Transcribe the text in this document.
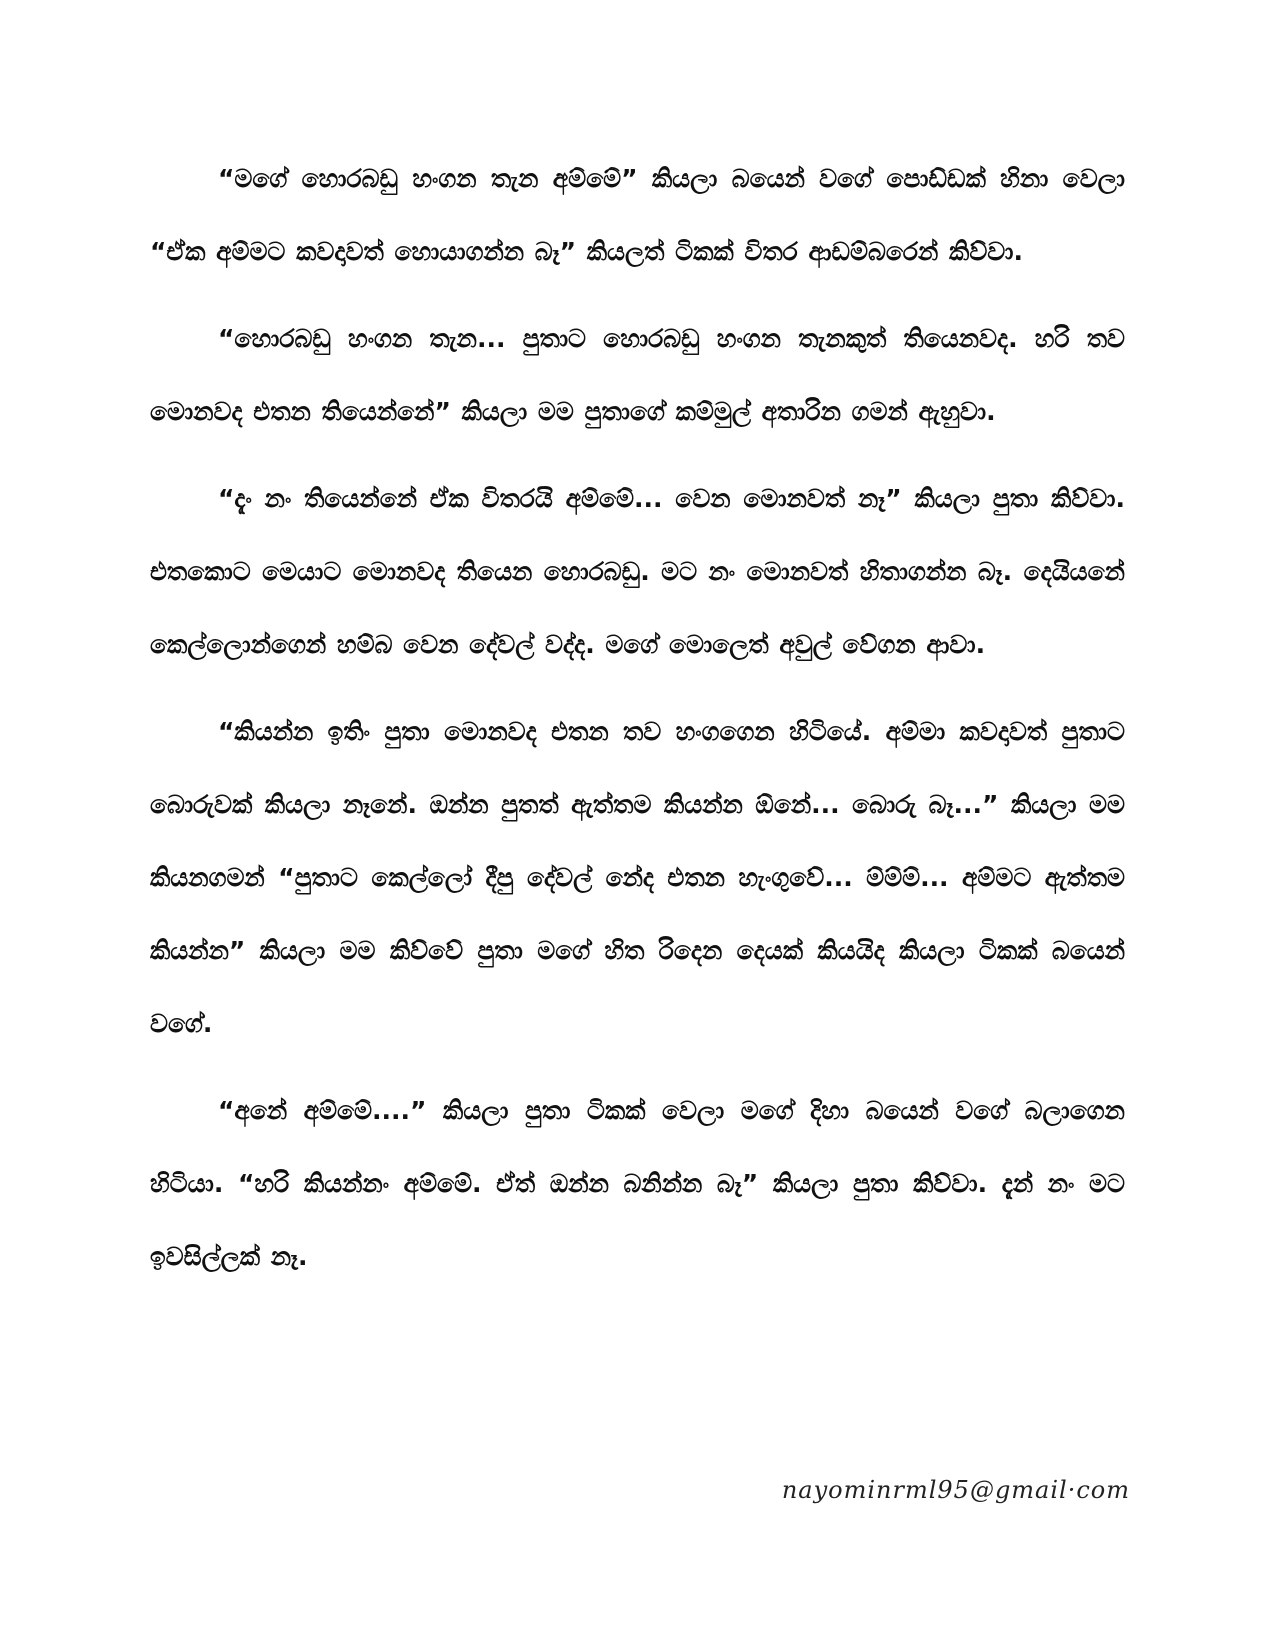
“මගේ හොරබඩු හංගන තැන අම්මේ” කියලා බයෙන් වගේ පොඩ්ඩක් හිනා වෙලා “ඒක අම්මට කවදාවත් හොයාගන්න බෑ” කියලත් ටිකක් විතර ආඩම්බරෙන් කිව්වා.

“හොරබඩු හංගන තැන... පුතාට හොරබඩු හංගන තැනකුත් තියෙනවද. හරි තව මොනවද එතන තියෙන්නේ” කියලා මම පුතාගේ කම්මුල් අතාරින ගමන් ඇහුවා.

“දැං නං තියෙන්නේ ඒක විතරයි අම්මේ... වෙන මොනවත් නෑ” කියලා පුතා කිව්වා. එතකොට මෙයාට මොනවද තියෙන හොරබඩු. මට නං මොනවත් හිතාගන්න බෑ. දෙයියනේ කෙල්ලොන්ගෙන් හම්බ වෙන දේවල් වද්ද. මගේ මොලෙත් අවුල් වේගන ආවා.

“කියන්න ඉතිං පුතා මොනවද එතන තව හංගගෙන හිටියේ. අම්මා කවදාවත් පුතාට බොරුවක් කියලා නෑනේ. ඔන්න පුතත් ඇත්තම කියන්න ඕනේ... බොරු බෑ...” කියලා මම කියනගමන් “පුතාට කෙල්ලෝ දීපු දේවල් නේද එතන හැංගුවේ... ම්ම්ම්... අම්මට ඇත්තම කියන්න” කියලා මම කිව්වේ පුතා මගේ හිත රිදෙන දෙයක් කියයිද කියලා ටිකක් බයෙන් වගේ.

“අනේ අම්මේ....” කියලා පුතා ටිකක් වෙලා මගේ දිහා බයෙන් වගේ බලාගෙන හිටියා. “හරි කියන්නං අම්මේ. ඒත් ඔන්න බනින්න බෑ” කියලා පුතා කිව්වා. දැන් නං මට ඉවසිල්ලක් නෑ.

nayominrml95@gmail·com
